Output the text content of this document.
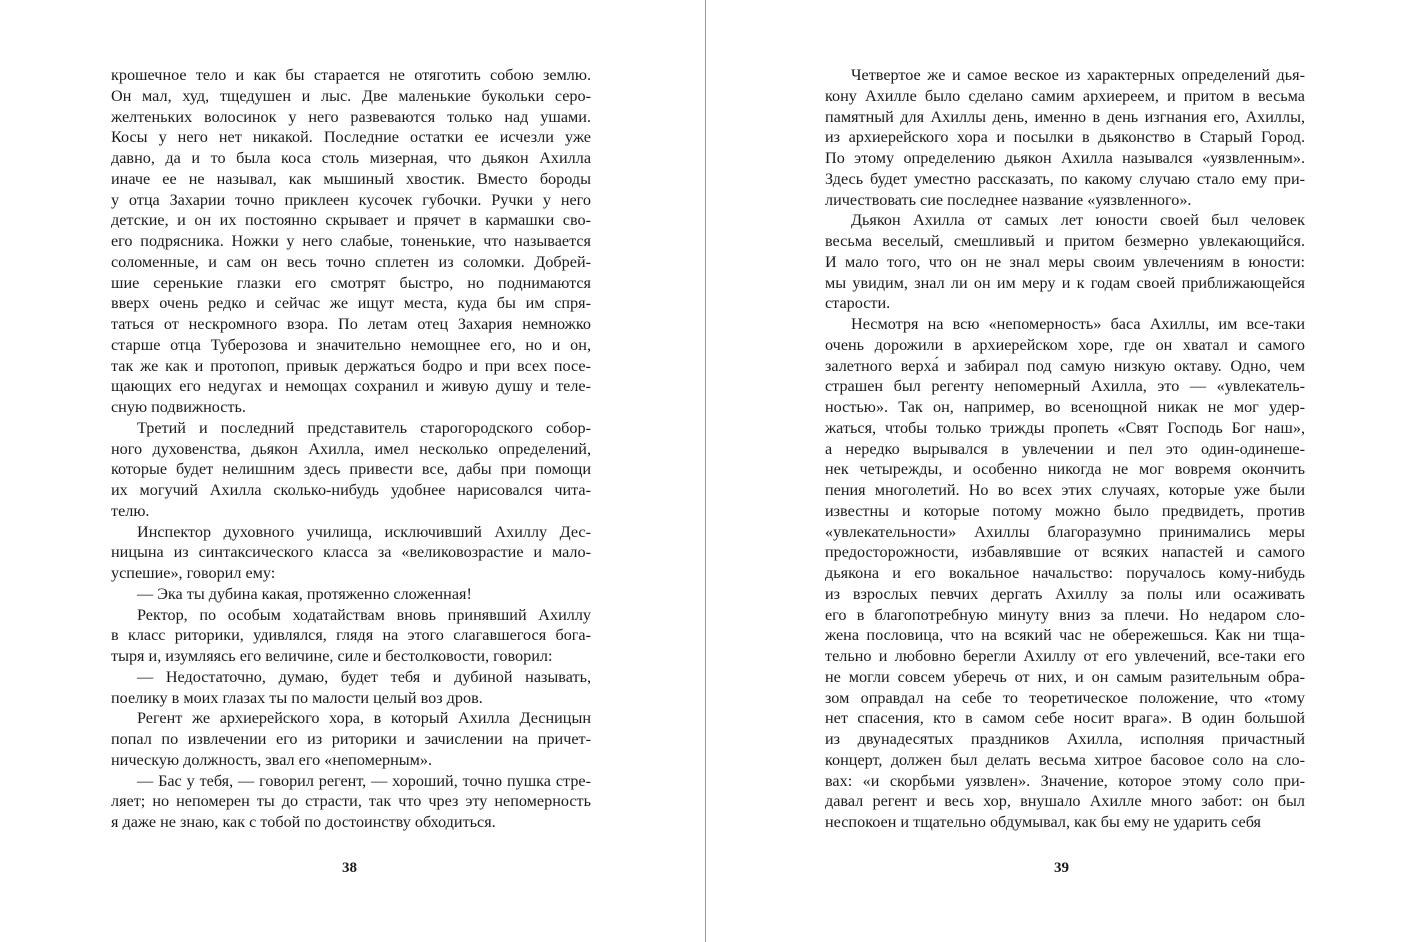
крошечное тело и как бы старается не отяготить собою землю.
Он мал, худ, тщедушен и лыс. Две маленькие букольки серо-
желтеньких волосинок у него развеваются только над ушами.
Косы у него нет никакой. Последние остатки ее исчезли уже
давно, да и то была коса столь мизерная, что дьякон Ахилла
иначе ее не называл, как мышиный хвостик. Вместо бороды
у отца Захарии точно приклеен кусочек губочки. Ручки у него
детские, и он их постоянно скрывает и прячет в кармашки сво-
его подрясника. Ножки у него слабые, тоненькие, что называется
соломенные, и сам он весь точно сплетен из соломки. Добрей-
шие серенькие глазки его смотрят быстро, но поднимаются
вверх очень редко и сейчас же ищут места, куда бы им спря-
таться от нескромного взора. По летам отец Захария немножко
старше отца Туберозова и значительно немощнее его, но и он,
так же как и протопоп, привык держаться бодро и при всех посе-
щающих его недугах и немощах сохранил и живую душу и теле-
сную подвижность.
Третий и последний представитель старогородского собор-
ного духовенства, дьякон Ахилла, имел несколько определений,
которые будет нелишним здесь привести все, дабы при помощи
их могучий Ахилла сколько-нибудь удобнее нарисовался чита-
телю.
Инспектор духовного училища, исключивший Ахиллу Дес-
ницына из синтаксического класса за «великовозрастие и мало-
успешие», говорил ему:
— Эка ты дубина какая, протяженно сложенная!
Ректор, по особым ходатайствам вновь принявший Ахиллу
в класс риторики, удивлялся, глядя на этого слагавшегося бога-
тыря и, изумляясь его величине, силе и бестолковости, говорил:
— Недостаточно, думаю, будет тебя и дубиной называть,
поелику в моих глазах ты по малости целый воз дров.
Регент же архиерейского хора, в который Ахилла Десницын
попал по извлечении его из риторики и зачислении на причет-
ническую должность, звал его «непомерным».
— Бас у тебя, — говорил регент, — хороший, точно пушка стре-
ляет; но непомерен ты до страсти, так что чрез эту непомерность
я даже не знаю, как с тобой по достоинству обходиться.
38
Четвертое же и самое веское из характерных определений дья-
кону Ахилле было сделано самим архиереем, и притом в весьма
памятный для Ахиллы день, именно в день изгнания его, Ахиллы,
из архиерейского хора и посылки в дьяконство в Старый Город.
По этому определению дьякон Ахилла назывался «уязвленным».
Здесь будет уместно рассказать, по какому случаю стало ему при-
личествовать сие последнее название «уязвленного».
Дьякон Ахилла от самых лет юности своей был человек
весьма веселый, смешливый и притом безмерно увлекающийся.
И мало того, что он не знал меры своим увлечениям в юности:
мы увидим, знал ли он им меру и к годам своей приближающейся
старости.
Несмотря на всю «непомерность» баса Ахиллы, им все-таки
очень дорожили в архиерейском хоре, где он хватал и самого
залетного верха́ и забирал под самую низкую октаву. Одно, чем
страшен был регенту непомерный Ахилла, это — «увлекатель-
ностью». Так он, например, во всенощной никак не мог удер-
жаться, чтобы только трижды пропеть «Свят Господь Бог наш»,
а нередко вырывался в увлечении и пел это один-одинешe-
нек четырежды, и особенно никогда не мог вовремя окончить
пения многолетий. Но во всех этих случаях, которые уже были
известны и которые потому можно было предвидеть, против
«увлекательности» Ахиллы благоразумно принимались меры
предосторожности, избавлявшие от всяких напастей и самого
дьякона и его вокальное начальство: поручалось кому-нибудь
из взрослых певчих дергать Ахиллу за полы или осаживать
его в благопотребную минуту вниз за плечи. Но недаром сло-
жена пословица, что на всякий час не обережешься. Как ни тща-
тельно и любовно берегли Ахиллу от его увлечений, все-таки его
не могли совсем уберечь от них, и он самым разительным обра-
зом оправдал на себе то теоретическое положение, что «тому
нет спасения, кто в самом себе носит врага». В один большой
из двунадесятых праздников Ахилла, исполняя причастный
концерт, должен был делать весьма хитрое басовое соло на сло-
вах: «и скорбьми уязвлен». Значение, которое этому соло при-
давал регент и весь хор, внушало Ахилле много забот: он был
неспокоен и тщательно обдумывал, как бы ему не ударить себя
39
